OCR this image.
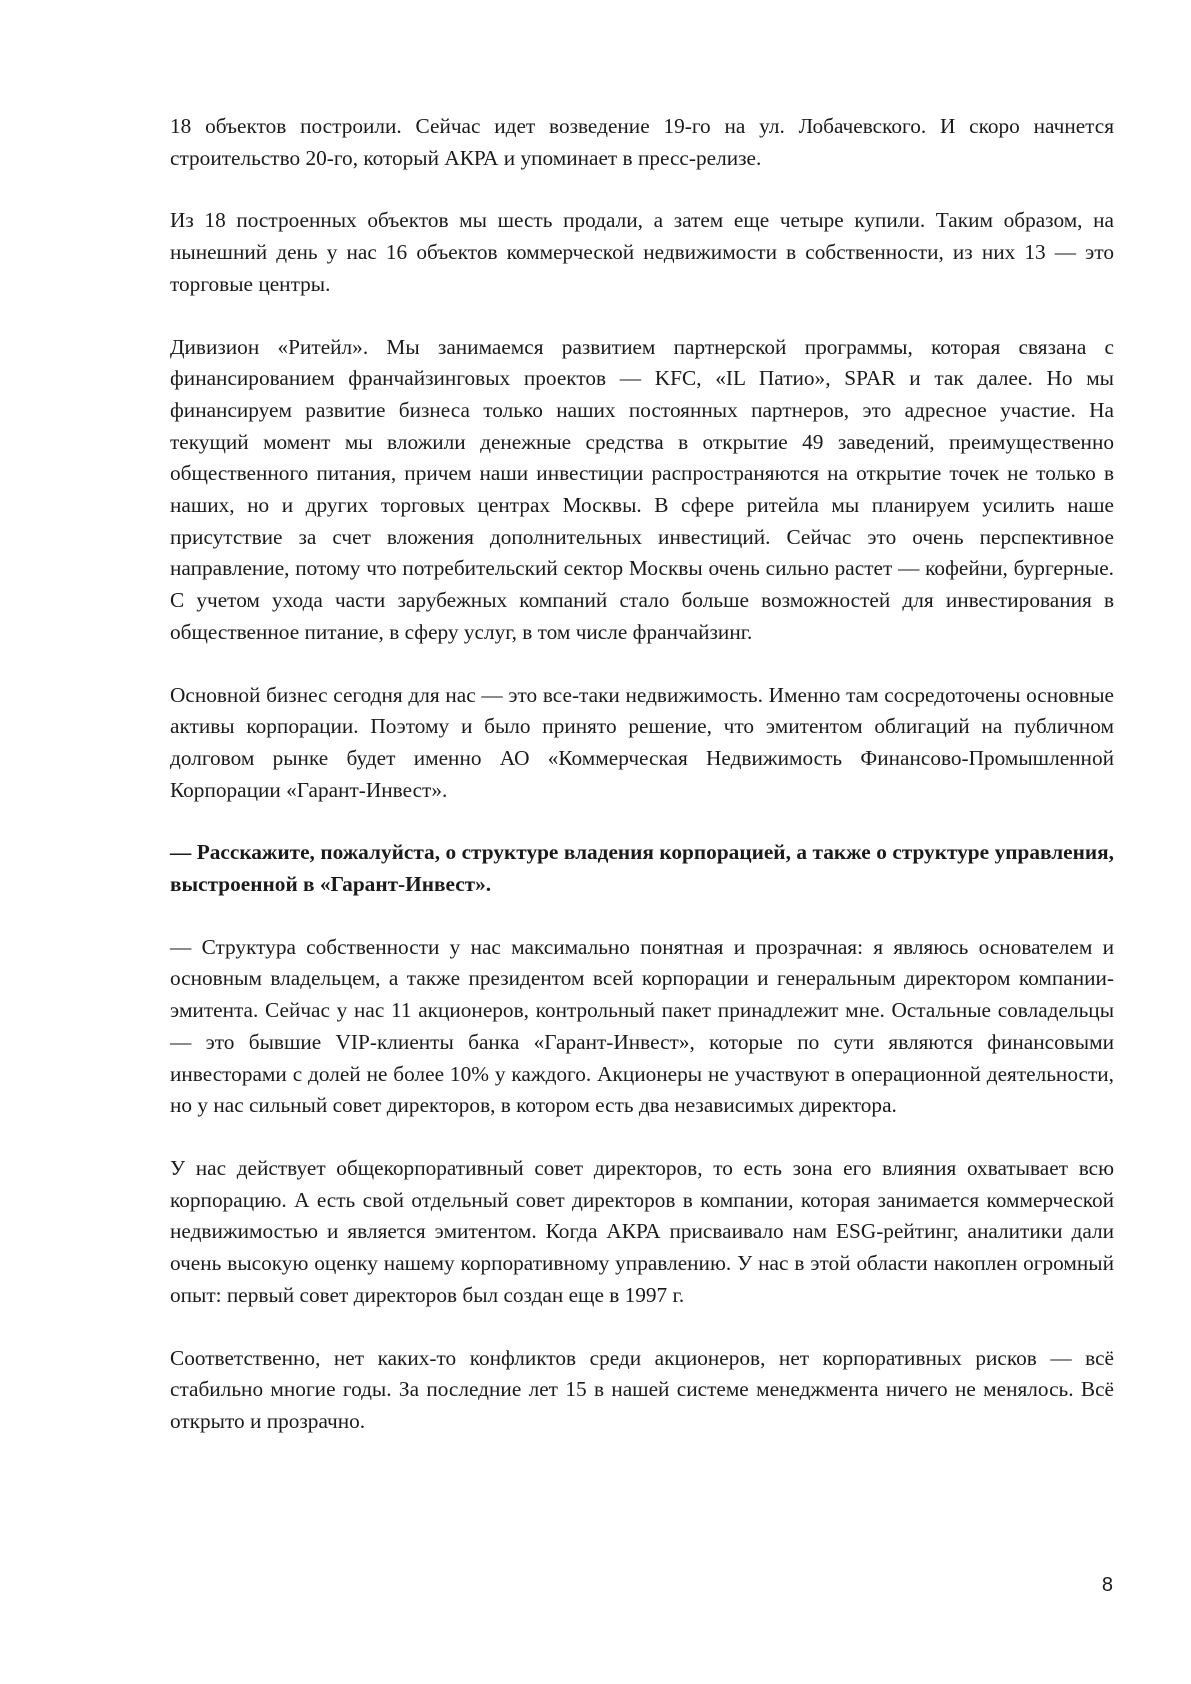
18 объектов построили. Сейчас идет возведение 19-го на ул. Лобачевского. И скоро начнется строительство 20-го, который АКРА и упоминает в пресс-релизе.

Из 18 построенных объектов мы шесть продали, а затем еще четыре купили. Таким образом, на нынешний день у нас 16 объектов коммерческой недвижимости в собственности, из них 13 — это торговые центры.

Дивизион «Ритейл». Мы занимаемся развитием партнерской программы, которая связана с финансированием франчайзинговых проектов — KFC, «IL Патио», SPAR и так далее. Но мы финансируем развитие бизнеса только наших постоянных партнеров, это адресное участие. На текущий момент мы вложили денежные средства в открытие 49 заведений, преимущественно общественного питания, причем наши инвестиции распространяются на открытие точек не только в наших, но и других торговых центрах Москвы. В сфере ритейла мы планируем усилить наше присутствие за счет вложения дополнительных инвестиций. Сейчас это очень перспективное направление, потому что потребительский сектор Москвы очень сильно растет — кофейни, бургерные. С учетом ухода части зарубежных компаний стало больше возможностей для инвестирования в общественное питание, в сферу услуг, в том числе франчайзинг.

Основной бизнес сегодня для нас — это все-таки недвижимость. Именно там сосредоточены основные активы корпорации. Поэтому и было принято решение, что эмитентом облигаций на публичном долговом рынке будет именно АО «Коммерческая Недвижимость Финансово-Промышленной Корпорации «Гарант-Инвест».

— Расскажите, пожалуйста, о структуре владения корпорацией, а также о структуре управления, выстроенной в «Гарант-Инвест».

— Структура собственности у нас максимально понятная и прозрачная: я являюсь основателем и основным владельцем, а также президентом всей корпорации и генеральным директором компании-эмитента. Сейчас у нас 11 акционеров, контрольный пакет принадлежит мне. Остальные совладельцы — это бывшие VIP-клиенты банка «Гарант-Инвест», которые по сути являются финансовыми инвесторами с долей не более 10% у каждого. Акционеры не участвуют в операционной деятельности, но у нас сильный совет директоров, в котором есть два независимых директора.

У нас действует общекорпоративный совет директоров, то есть зона его влияния охватывает всю корпорацию. А есть свой отдельный совет директоров в компании, которая занимается коммерческой недвижимостью и является эмитентом. Когда АКРА присваивало нам ESG-рейтинг, аналитики дали очень высокую оценку нашему корпоративному управлению. У нас в этой области накоплен огромный опыт: первый совет директоров был создан еще в 1997 г.

Соответственно, нет каких-то конфликтов среди акционеров, нет корпоративных рисков — всё стабильно многие годы. За последние лет 15 в нашей системе менеджмента ничего не менялось. Всё открыто и прозрачно.

8
